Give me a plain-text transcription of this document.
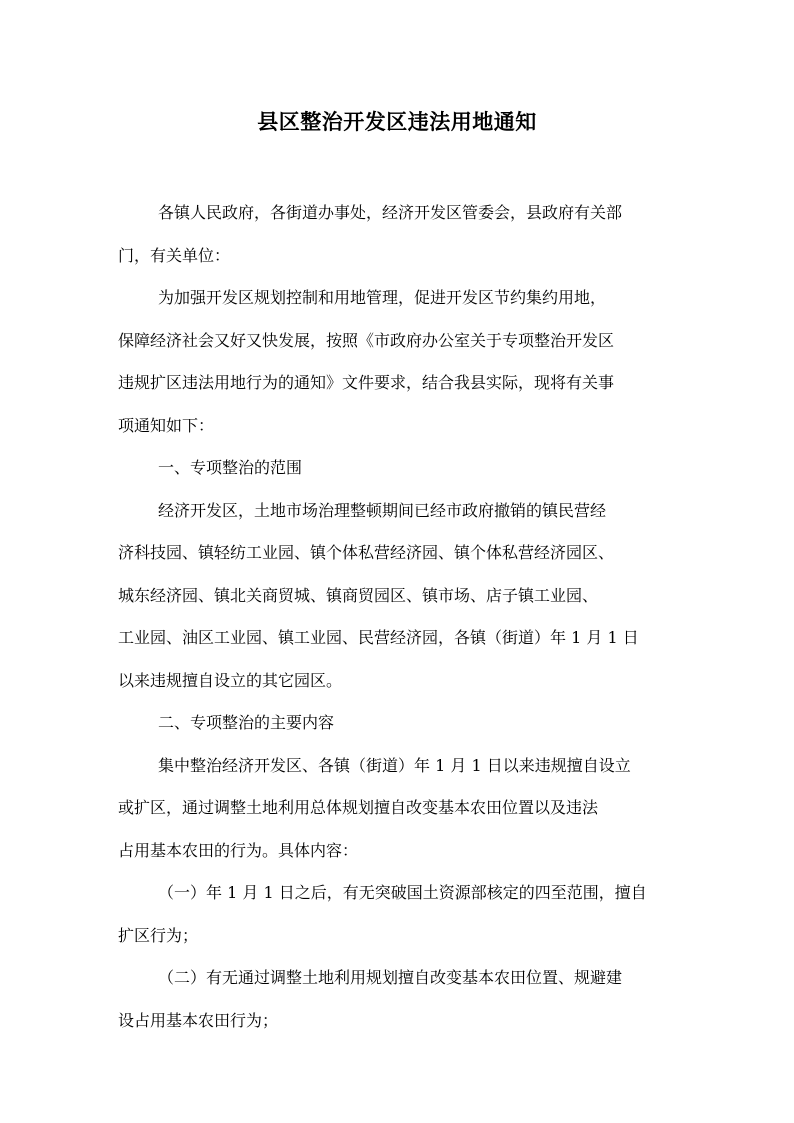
县区整治开发区违法用地通知
各镇人民政府，各街道办事处，经济开发区管委会，县政府有关部
门，有关单位：
为加强开发区规划控制和用地管理，促进开发区节约集约用地，
保障经济社会又好又快发展，按照《市政府办公室关于专项整治开发区
违规扩区违法用地行为的通知》文件要求，结合我县实际，现将有关事
项通知如下：
一、专项整治的范围
经济开发区，土地市场治理整顿期间已经市政府撤销的镇民营经
济科技园、镇轻纺工业园、镇个体私营经济园、镇个体私营经济园区、
城东经济园、镇北关商贸城、镇商贸园区、镇市场、店子镇工业园、
工业园、油区工业园、镇工业园、民营经济园，各镇（街道）年 1 月 1 日
以来违规擅自设立的其它园区。
二、专项整治的主要内容
集中整治经济开发区、各镇（街道）年 1 月 1 日以来违规擅自设立
或扩区，通过调整土地利用总体规划擅自改变基本农田位置以及违法
占用基本农田的行为。具体内容：
（一）年 1 月 1 日之后，有无突破国土资源部核定的四至范围，擅自
扩区行为；
（二）有无通过调整土地利用规划擅自改变基本农田位置、规避建
设占用基本农田行为；
